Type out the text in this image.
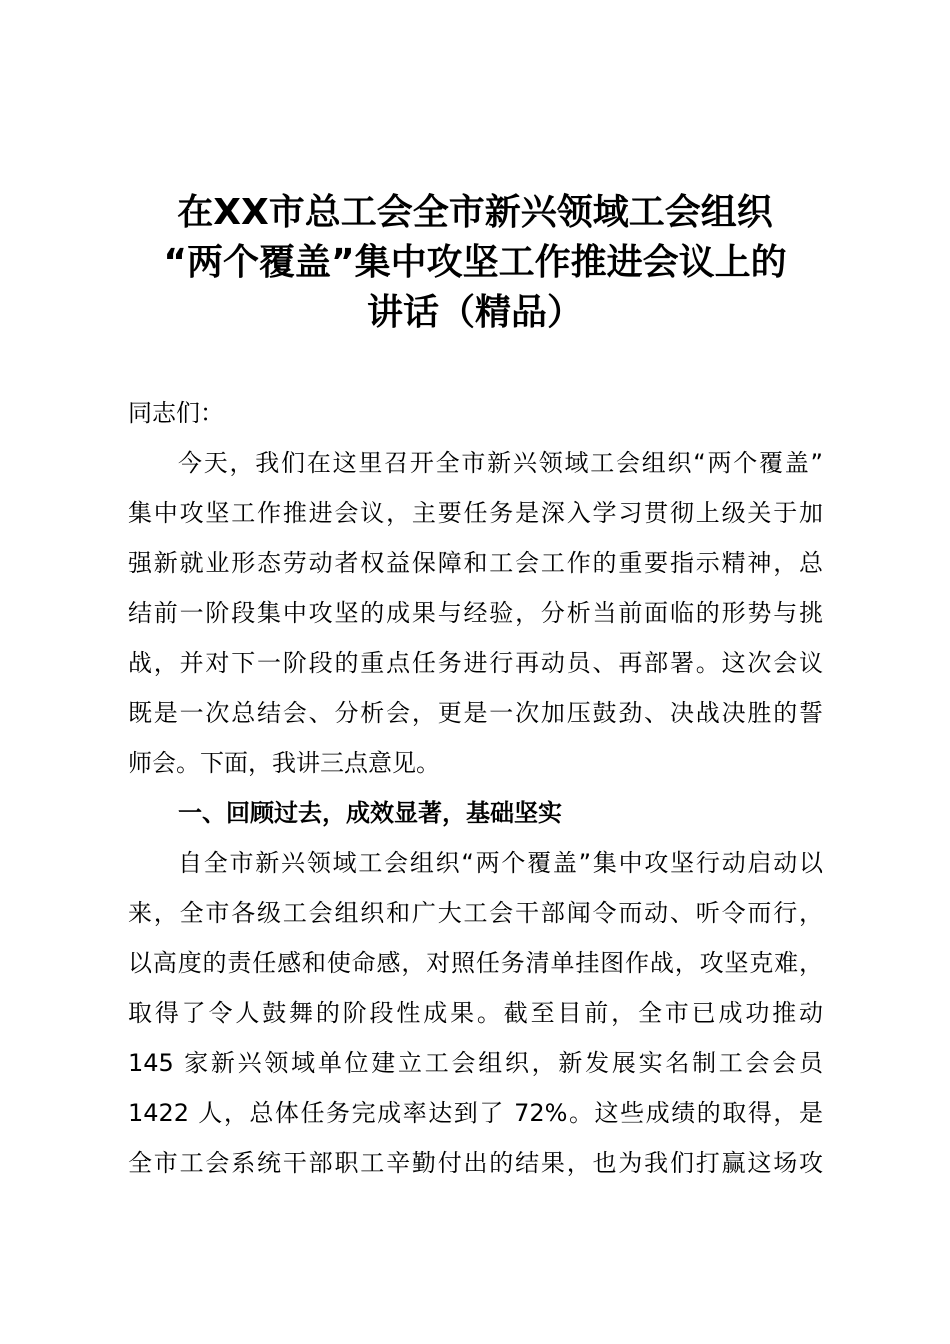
在XX市总工会全市新兴领域工会组织
“两个覆盖”集中攻坚工作推进会议上的
讲话（精品）
同志们：
今天，我们在这里召开全市新兴领域工会组织“两个覆盖”
集中攻坚工作推进会议，主要任务是深入学习贯彻上级关于加
强新就业形态劳动者权益保障和工会工作的重要指示精神，总
结前一阶段集中攻坚的成果与经验，分析当前面临的形势与挑
战，并对下一阶段的重点任务进行再动员、再部署。这次会议
既是一次总结会、分析会，更是一次加压鼓劲、决战决胜的誓
师会。下面，我讲三点意见。
一、回顾过去，成效显著，基础坚实
自全市新兴领域工会组织“两个覆盖”集中攻坚行动启动以
来，全市各级工会组织和广大工会干部闻令而动、听令而行，
以高度的责任感和使命感，对照任务清单挂图作战，攻坚克难，
取得了令人鼓舞的阶段性成果。截至目前，全市已成功推动
145 家新兴领域单位建立工会组织，新发展实名制工会会员
1422 人，总体任务完成率达到了 72%。这些成绩的取得，是
全市工会系统干部职工辛勤付出的结果，也为我们打赢这场攻
